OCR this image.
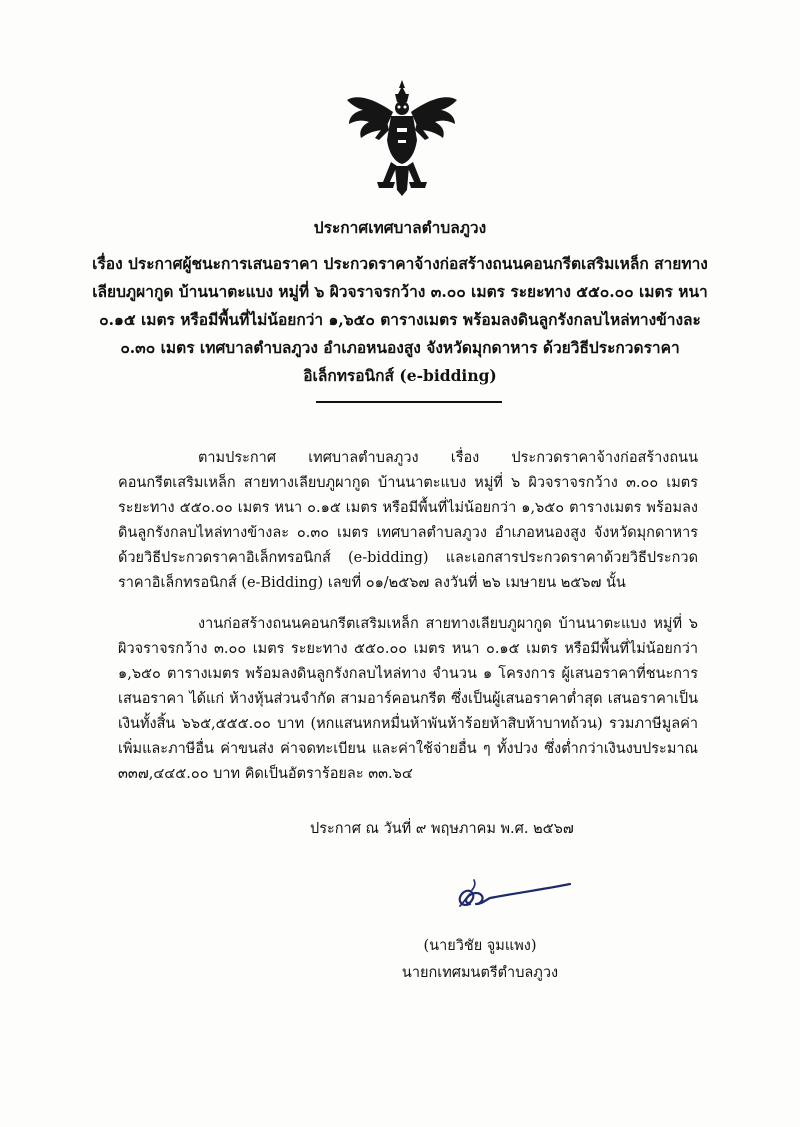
ประกาศเทศบาลตำบลภูวง
เรื่อง ประกาศผู้ชนะการเสนอราคา ประกวดราคาจ้างก่อสร้างถนนคอนกรีตเสริมเหล็ก สายทางเลียบภูผากูด บ้านนาตะแบง หมู่ที่ ๖ ผิวจราจรกว้าง ๓.๐๐ เมตร ระยะทาง ๕๕๐.๐๐ เมตร หนา ๐.๑๕ เมตร หรือมีพื้นที่ไม่น้อยกว่า ๑,๖๕๐ ตารางเมตร พร้อมลงดินลูกรังกลบไหล่ทางข้างละ ๐.๓๐ เมตร เทศบาลตำบลภูวง อำเภอหนองสูง จังหวัดมุกดาหาร ด้วยวิธีประกวดราคาอิเล็กทรอนิกส์ (e-bidding)

ตามประกาศ เทศบาลตำบลภูวง เรื่อง ประกวดราคาจ้างก่อสร้างถนนคอนกรีตเสริมเหล็ก สายทางเลียบภูผากูด บ้านนาตะแบง หมู่ที่ ๖ ผิวจราจรกว้าง ๓.๐๐ เมตร ระยะทาง ๕๕๐.๐๐ เมตร หนา ๐.๑๕ เมตร หรือมีพื้นที่ไม่น้อยกว่า ๑,๖๕๐ ตารางเมตร พร้อมลงดินลูกรังกลบไหล่ทางข้างละ ๐.๓๐ เมตร เทศบาลตำบลภูวง อำเภอหนองสูง จังหวัดมุกดาหาร ด้วยวิธีประกวดราคาอิเล็กทรอนิกส์ (e-bidding) และเอกสารประกวดราคาด้วยวิธีประกวดราคาอิเล็กทรอนิกส์ (e-Bidding) เลขที่ ๐๑/๒๕๖๗ ลงวันที่ ๒๖ เมษายน ๒๕๖๗ นั้น

งานก่อสร้างถนนคอนกรีตเสริมเหล็ก สายทางเลียบภูผากูด บ้านนาตะแบง หมู่ที่ ๖ ผิวจราจรกว้าง ๓.๐๐ เมตร ระยะทาง ๕๕๐.๐๐ เมตร หนา ๐.๑๕ เมตร หรือมีพื้นที่ไม่น้อยกว่า ๑,๖๕๐ ตารางเมตร พร้อมลงดินลูกรังกลบไหล่ทาง จำนวน ๑ โครงการ ผู้เสนอราคาที่ชนะการเสนอราคา ได้แก่ ห้างหุ้นส่วนจำกัด สามอาร์คอนกรีต ซึ่งเป็นผู้เสนอราคาต่ำสุด เสนอราคาเป็นเงินทั้งสิ้น ๖๖๕,๕๕๕.๐๐ บาท (หกแสนหกหมื่นห้าพันห้าร้อยห้าสิบห้าบาทถ้วน) รวมภาษีมูลค่าเพิ่มและภาษีอื่น ค่าขนส่ง ค่าจดทะเบียน และค่าใช้จ่ายอื่น ๆ ทั้งปวง ซึ่งต่ำกว่าเงินงบประมาณ ๓๓๗,๔๔๕.๐๐ บาท คิดเป็นอัตราร้อยละ ๓๓.๖๔

ประกาศ ณ วันที่ ๙ พฤษภาคม พ.ศ. ๒๕๖๗
(นายวิชัย จูมแพง)
นายกเทศมนตรีตำบลภูวง
